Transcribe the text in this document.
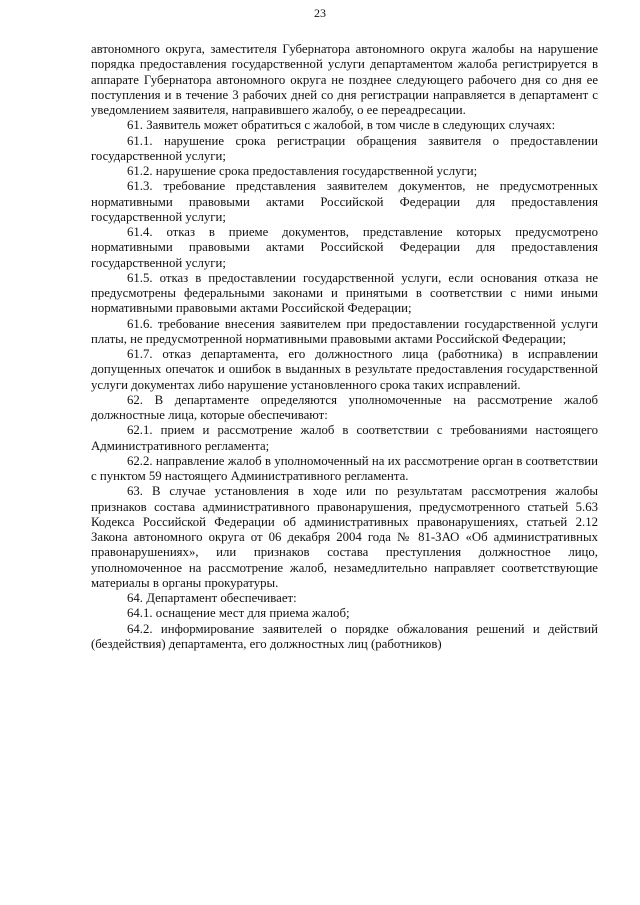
23

автономного округа, заместителя Губернатора автономного округа жалобы на нарушение порядка предоставления государственной услуги департаментом жалоба регистрируется в аппарате Губернатора автономного округа не позднее следующего рабочего дня со дня ее поступления и в течение 3 рабочих дней со дня регистрации направляется в департамент с уведомлением заявителя, направившего жалобу, о ее переадресации.

61. Заявитель может обратиться с жалобой, в том числе в следующих случаях:

61.1. нарушение срока регистрации обращения заявителя о предоставлении государственной услуги;

61.2. нарушение срока предоставления государственной услуги;

61.3. требование представления заявителем документов, не предусмотренных нормативными правовыми актами Российской Федерации для предоставления государственной услуги;

61.4. отказ в приеме документов, представление которых предусмотрено нормативными правовыми актами Российской Федерации для предоставления государственной услуги;

61.5. отказ в предоставлении государственной услуги, если основания отказа не предусмотрены федеральными законами и принятыми в соответствии с ними иными нормативными правовыми актами Российской Федерации;

61.6. требование внесения заявителем при предоставлении государственной услуги платы, не предусмотренной нормативными правовыми актами Российской Федерации;

61.7. отказ департамента, его должностного лица (работника) в исправлении допущенных опечаток и ошибок в выданных в результате предоставления государственной услуги документах либо нарушение установленного срока таких исправлений.

62. В департаменте определяются уполномоченные на рассмотрение жалоб должностные лица, которые обеспечивают:

62.1. прием и рассмотрение жалоб в соответствии с требованиями настоящего Административного регламента;

62.2. направление жалоб в уполномоченный на их рассмотрение орган в соответствии с пунктом 59 настоящего Административного регламента.

63. В случае установления в ходе или по результатам рассмотрения жалобы признаков состава административного правонарушения, предусмотренного статьей 5.63 Кодекса Российской Федерации об административных правонарушениях, статьей 2.12 Закона автономного округа от 06 декабря 2004 года № 81-ЗАО «Об административных правонарушениях», или признаков состава преступления должностное лицо, уполномоченное на рассмотрение жалоб, незамедлительно направляет соответствующие материалы в органы прокуратуры.

64. Департамент обеспечивает:

64.1. оснащение мест для приема жалоб;

64.2. информирование заявителей о порядке обжалования решений и действий (бездействия) департамента, его должностных лиц (работников)
